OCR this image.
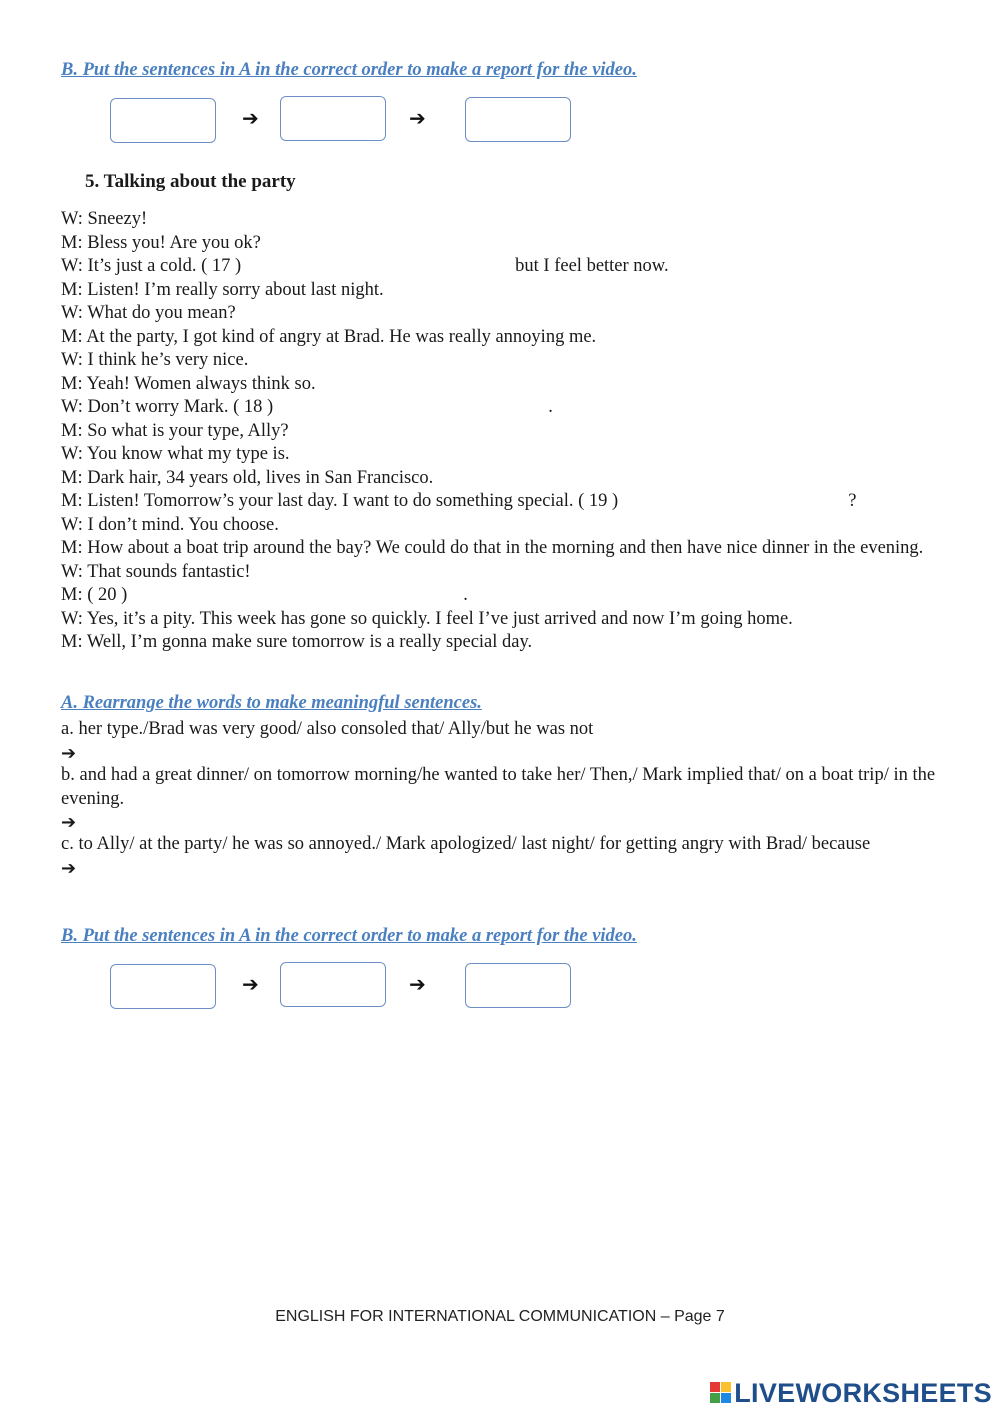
B. Put the sentences in A in the correct order to make a report for the video.

➔	➔
5. Talking about the party
W: Sneezy!
M: Bless you! Are you ok?
W: It’s just a cold. ( 17 )	but I feel better now.
M: Listen! I’m really sorry about last night.
W: What do you mean?
M: At the party, I got kind of angry at Brad. He was really annoying me.
W: I think he’s very nice.
M: Yeah! Women always think so.
W: Don’t worry Mark. ( 18 )	.
M: So what is your type, Ally?
W: You know what my type is.
M: Dark hair, 34 years old, lives in San Francisco.
M: Listen! Tomorrow’s your last day. I want to do something special. ( 19 )	?
W: I don’t mind. You choose.
M: How about a boat trip around the bay? We could do that in the morning and then have nice dinner in the evening.
W: That sounds fantastic!
M: ( 20 )	.
W: Yes, it’s a pity. This week has gone so quickly. I feel I’ve just arrived and now I’m going home.
M: Well, I’m gonna make sure tomorrow is a really special day.

A. Rearrange the words to make meaningful sentences.

a. her type./Brad was very good/ also consoled that/ Ally/but he was not
➔
b. and had a great dinner/ on tomorrow morning/he wanted to take her/ Then,/ Mark implied that/ on a boat trip/ in the evening.
➔
c. to Ally/ at the party/ he was so annoyed./ Mark apologized/ last night/ for getting angry with Brad/ because
➔

B. Put the sentences in A in the correct order to make a report for the video.

➔	➔
ENGLISH FOR INTERNATIONAL COMMUNICATION – Page 7
LIVEWORKSHEETS
